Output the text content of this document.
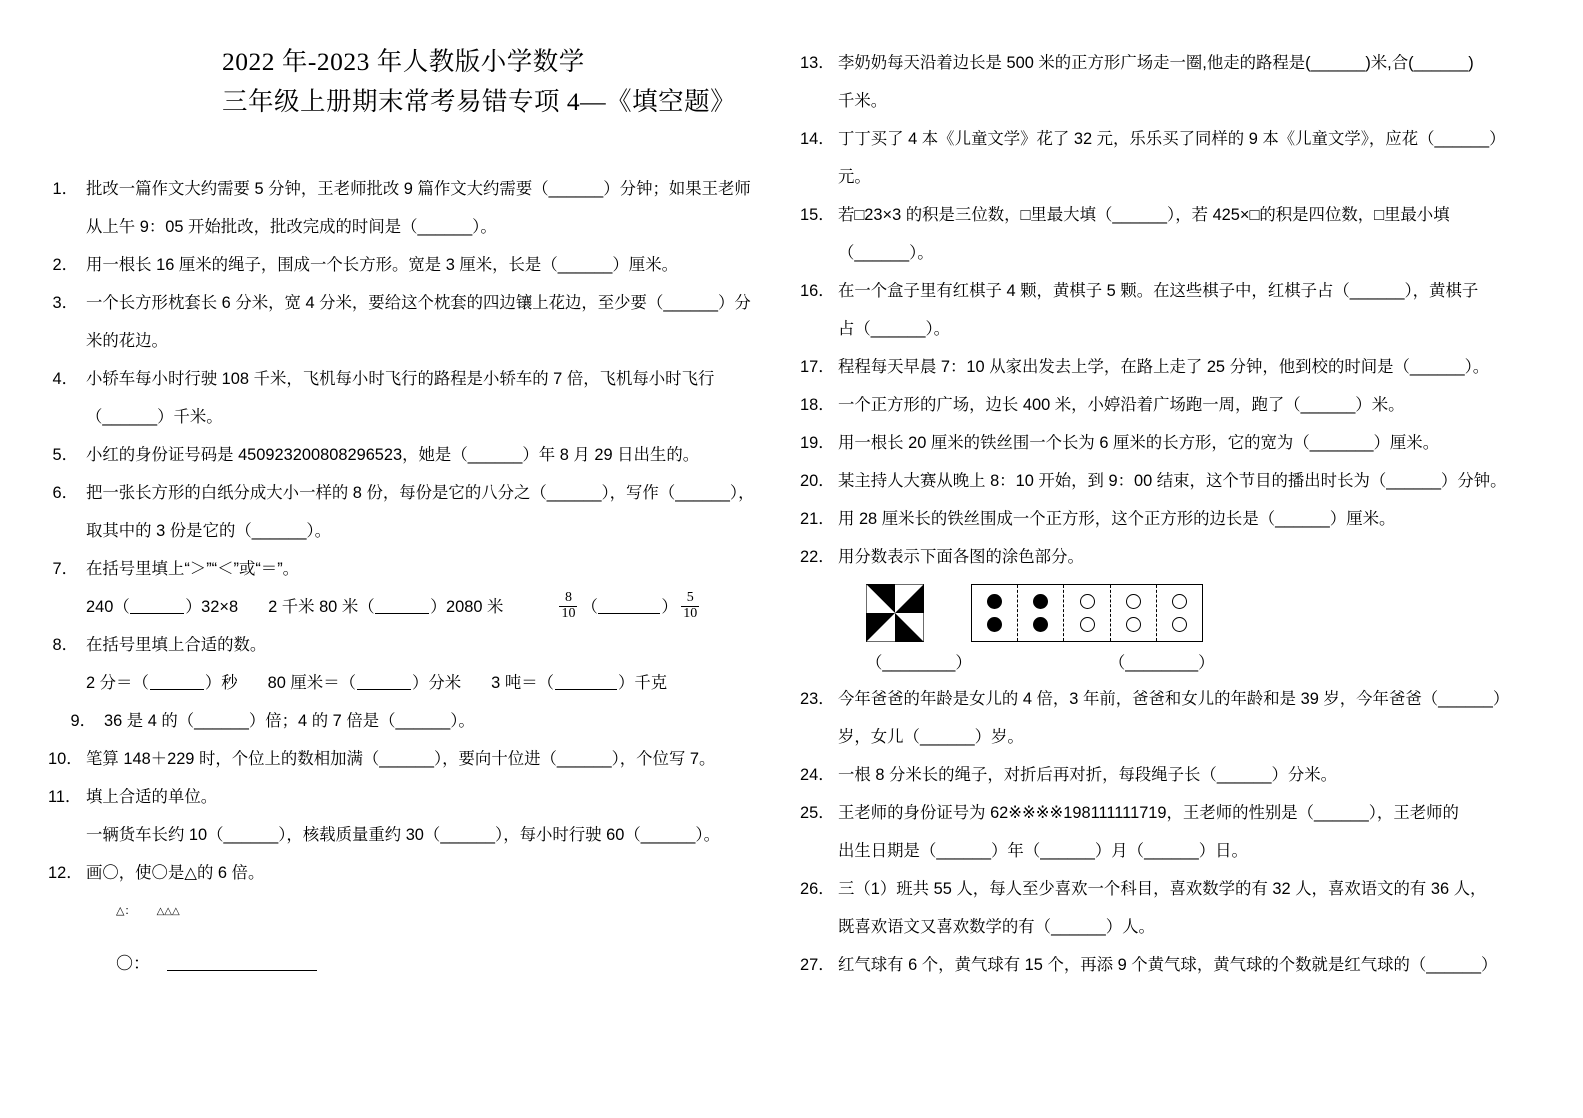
2022 年-2023 年人教版小学数学
三年级上册期末常考易错专项 4—《填空题》
1． 批改一篇作文大约需要 5 分钟，王老师批改 9 篇作文大约需要（______）分钟；如果王老师

从上午 9：05 开始批改，批改完成的时间是（______）。

2． 用一根长 16 厘米的绳子，围成一个长方形。宽是 3 厘米，长是（______）厘米。

3． 一个长方形枕套长 6 分米，宽 4 分米，要给这个枕套的四边镶上花边，至少要（______）分

米的花边。

4． 小轿车每小时行驶 108 千米，飞机每小时飞行的路程是小轿车的 7 倍，飞机每小时飞行

（______）千米。

5． 小红的身份证号码是 450923200808296523，她是（______）年 8 月 29 日出生的。

6． 把一张长方形的白纸分成大小一样的 8 份，每份是它的八分之（______），写作（______），

取其中的 3 份是它的（______）。

7． 在括号里填上“＞”“＜”或“＝”。

240（	）32×8 2 千米 80 米（	）2080 米	$\frac{8}{10}$ （	） $\frac{5}{10}$

8． 在括号里填上合适的数。

2 分＝（	）秒 80 厘米＝（	）分米 3 吨＝（	）千克

9． 36 是 4 的（______）倍；4 的 7 倍是（______）。

10． 笔算 148＋229 时，个位上的数相加满（______），要向十位进（______），个位写 7。

11． 填上合适的单位。

一辆货车长约 10（______），核载质量重约 30（______），每小时行驶 60（______）。

12． 画〇，使〇是△的 6 倍。

△： △△△
〇：
13． 李奶奶每天沿着边长是 500 米的正方形广场走一圈,他走的路程是(______)米,合(______)

千米。

14． 丁丁买了 4 本《儿童文学》花了 32 元，乐乐买了同样的 9 本《儿童文学》，应花（______）

元。

15． 若□23×3 的积是三位数，□里最大填（______），若 425×□的积是四位数，□里最小填

（______）。

16． 在一个盒子里有红棋子 4 颗，黄棋子 5 颗。在这些棋子中，红棋子占（______），黄棋子

占（______）。

17． 程程每天早晨 7：10 从家出发去上学，在路上走了 25 分钟，他到校的时间是（______）。

18． 一个正方形的广场，边长 400 米，小婷沿着广场跑一周，跑了（______）米。

19． 用一根长 20 厘米的铁丝围一个长为 6 厘米的长方形，它的宽为（_______）厘米。

20． 某主持人大赛从晚上 8：10 开始，到 9：00 结束，这个节目的播出时长为（______）分钟。

21． 用 28 厘米长的铁丝围成一个正方形，这个正方形的边长是（______）厘米。

22． 用分数表示下面各图的涂色部分。

（________）	（________）
23． 今年爸爸的年龄是女儿的 4 倍，3 年前，爸爸和女儿的年龄和是 39 岁，今年爸爸（______）

岁，女儿（______）岁。

24． 一根 8 分米长的绳子，对折后再对折，每段绳子长（______）分米。

25． 王老师的身份证号为 62※※※※198111111719，王老师的性别是（______），王老师的

出生日期是（______）年（______）月（______）日。

26． 三（1）班共 55 人，每人至少喜欢一个科目，喜欢数学的有 32 人，喜欢语文的有 36 人，

既喜欢语文又喜欢数学的有（______）人。

27． 红气球有 6 个，黄气球有 15 个，再添 9 个黄气球，黄气球的个数就是红气球的（______）
